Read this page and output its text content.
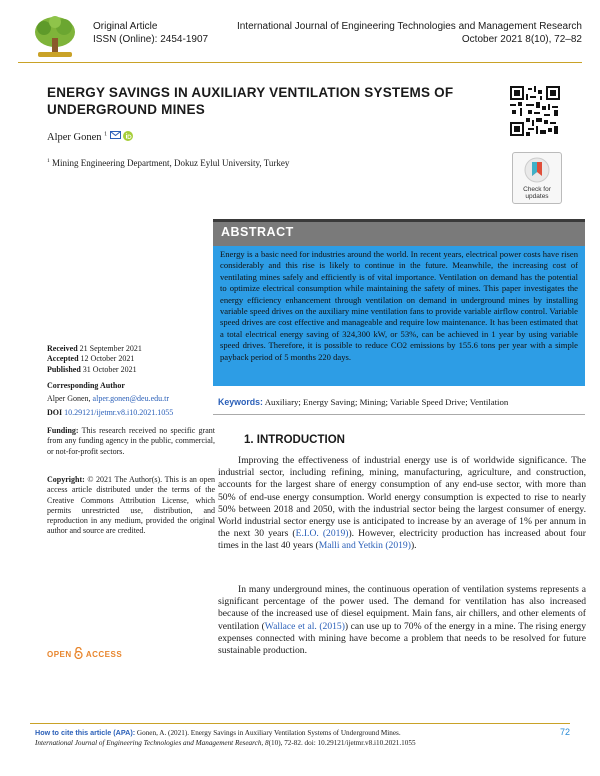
Original Article
ISSN (Online): 2454-1907
International Journal of Engineering Technologies and Management Research
October 2021 8(10), 72–82
ENERGY SAVINGS IN AUXILIARY VENTILATION SYSTEMS OF UNDERGROUND MINES
Alper Gonen $^1$
$^1$ Mining Engineering Department, Dokuz Eylul University, Turkey
Check for
updates
ABSTRACT
Energy is a basic need for industries around the world. In recent years, electrical power costs have risen considerably and this rise is likely to continue in the future. Meanwhile, the increasing cost of ventilating mines safely and efficiently is of vital importance. Ventilation on demand has the potential to optimize electrical consumption while maintaining the safety of mines. This paper investigates the energy efficiency enhancement through ventilation on demand in underground mines by installing variable speed drives on the auxiliary mine ventilation fans to provide variable airflow control. Variable speed drives are cost effective and manageable and require low maintenance. It has been estimated that a total electrical energy saving of 324,300 kW, or 53%, can be achieved in 1 year by using variable speed drives. Therefore, it is possible to reduce CO2 emissions by 155.6 tons per year with a simple payback period of 5 months 220 days.
Keywords: Auxiliary; Energy Saving; Mining; Variable Speed Drive; Ventilation
Received 21 September 2021
Accepted 12 October 2021
Published 31 October 2021
Corresponding Author
Alper Gonen, alper.gonen@deu.edu.tr
DOI 10.29121/ijetmr.v8.i10.2021.1055
Funding: This research received no specific grant from any funding agency in the public, commercial, or not-for-profit sectors.
Copyright: © 2021 The Author(s). This is an open access article distributed under the terms of the Creative Commons Attribution License, which permits unrestricted use, distribution, and reproduction in any medium, provided the original author and source are credited.
OPEN ACCESS
1. INTRODUCTION

Improving the effectiveness of industrial energy use is of worldwide significance. The industrial sector, including refining, mining, manufacturing, agriculture, and construction, accounts for the largest share of energy consumption of any end-use sector, with more than 50% of end-use energy consumption. World energy consumption is expected to rise to nearly 50% between 2018 and 2050, with the industrial sector being the largest consumer of energy. World industrial sector energy use is anticipated to increase by an average of 1% per annum in the next 30 years (E.I.O. (2019)). However, electricity production has increased about four times in the last 40 years (Malli and Yetkin (2019)).

In many underground mines, the continuous operation of ventilation systems represents a significant percentage of the power used. The demand for ventilation has also increased because of the increased use of diesel equipment. Main fans, air chillers, and other elements of ventilation (Wallace et al. (2015)) can use up to 70% of the energy in a mine. The rising energy expenses connected with mining have become a problem that needs to be resolved for future sustainable production.

How to cite this article (APA): Gonen, A. (2021). Energy Savings in Auxiliary Ventilation Systems of Underground Mines.
International Journal of Engineering Technologies and Management Research, 8(10), 72-82. doi: 10.29121/ijetmr.v8.i10.2021.1055
72
